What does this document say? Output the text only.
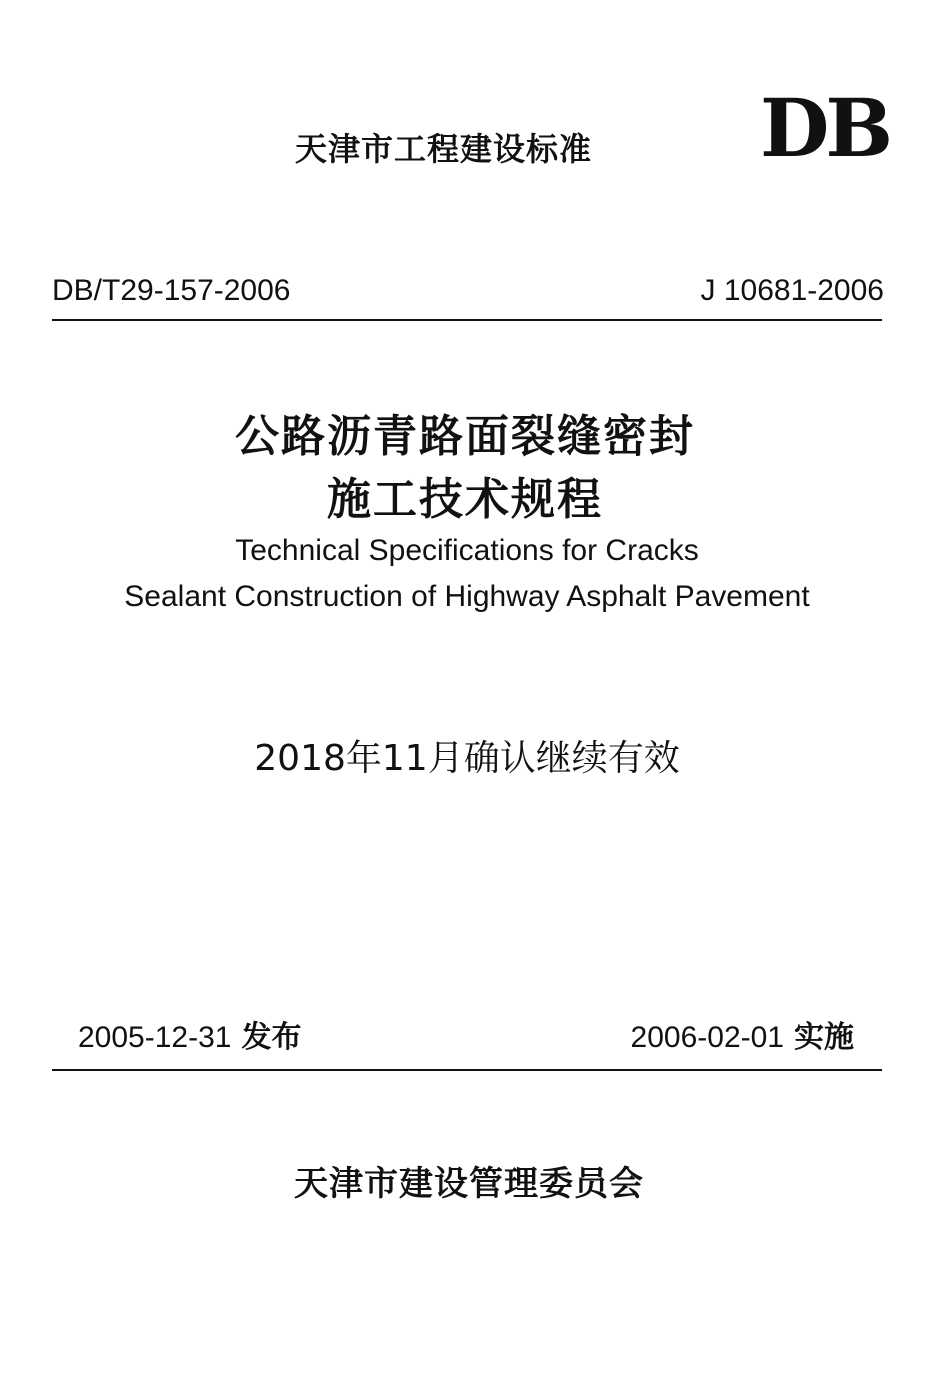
天津市工程建设标准 DB
DB/T29-157-2006	J 10681-2006
公路沥青路面裂缝密封
施工技术规程
Technical Specifications for Cracks
Sealant Construction of Highway Asphalt Pavement
2018年11月确认继续有效
2005-12-31 发布	2006-02-01 实施
天津市建设管理委员会
